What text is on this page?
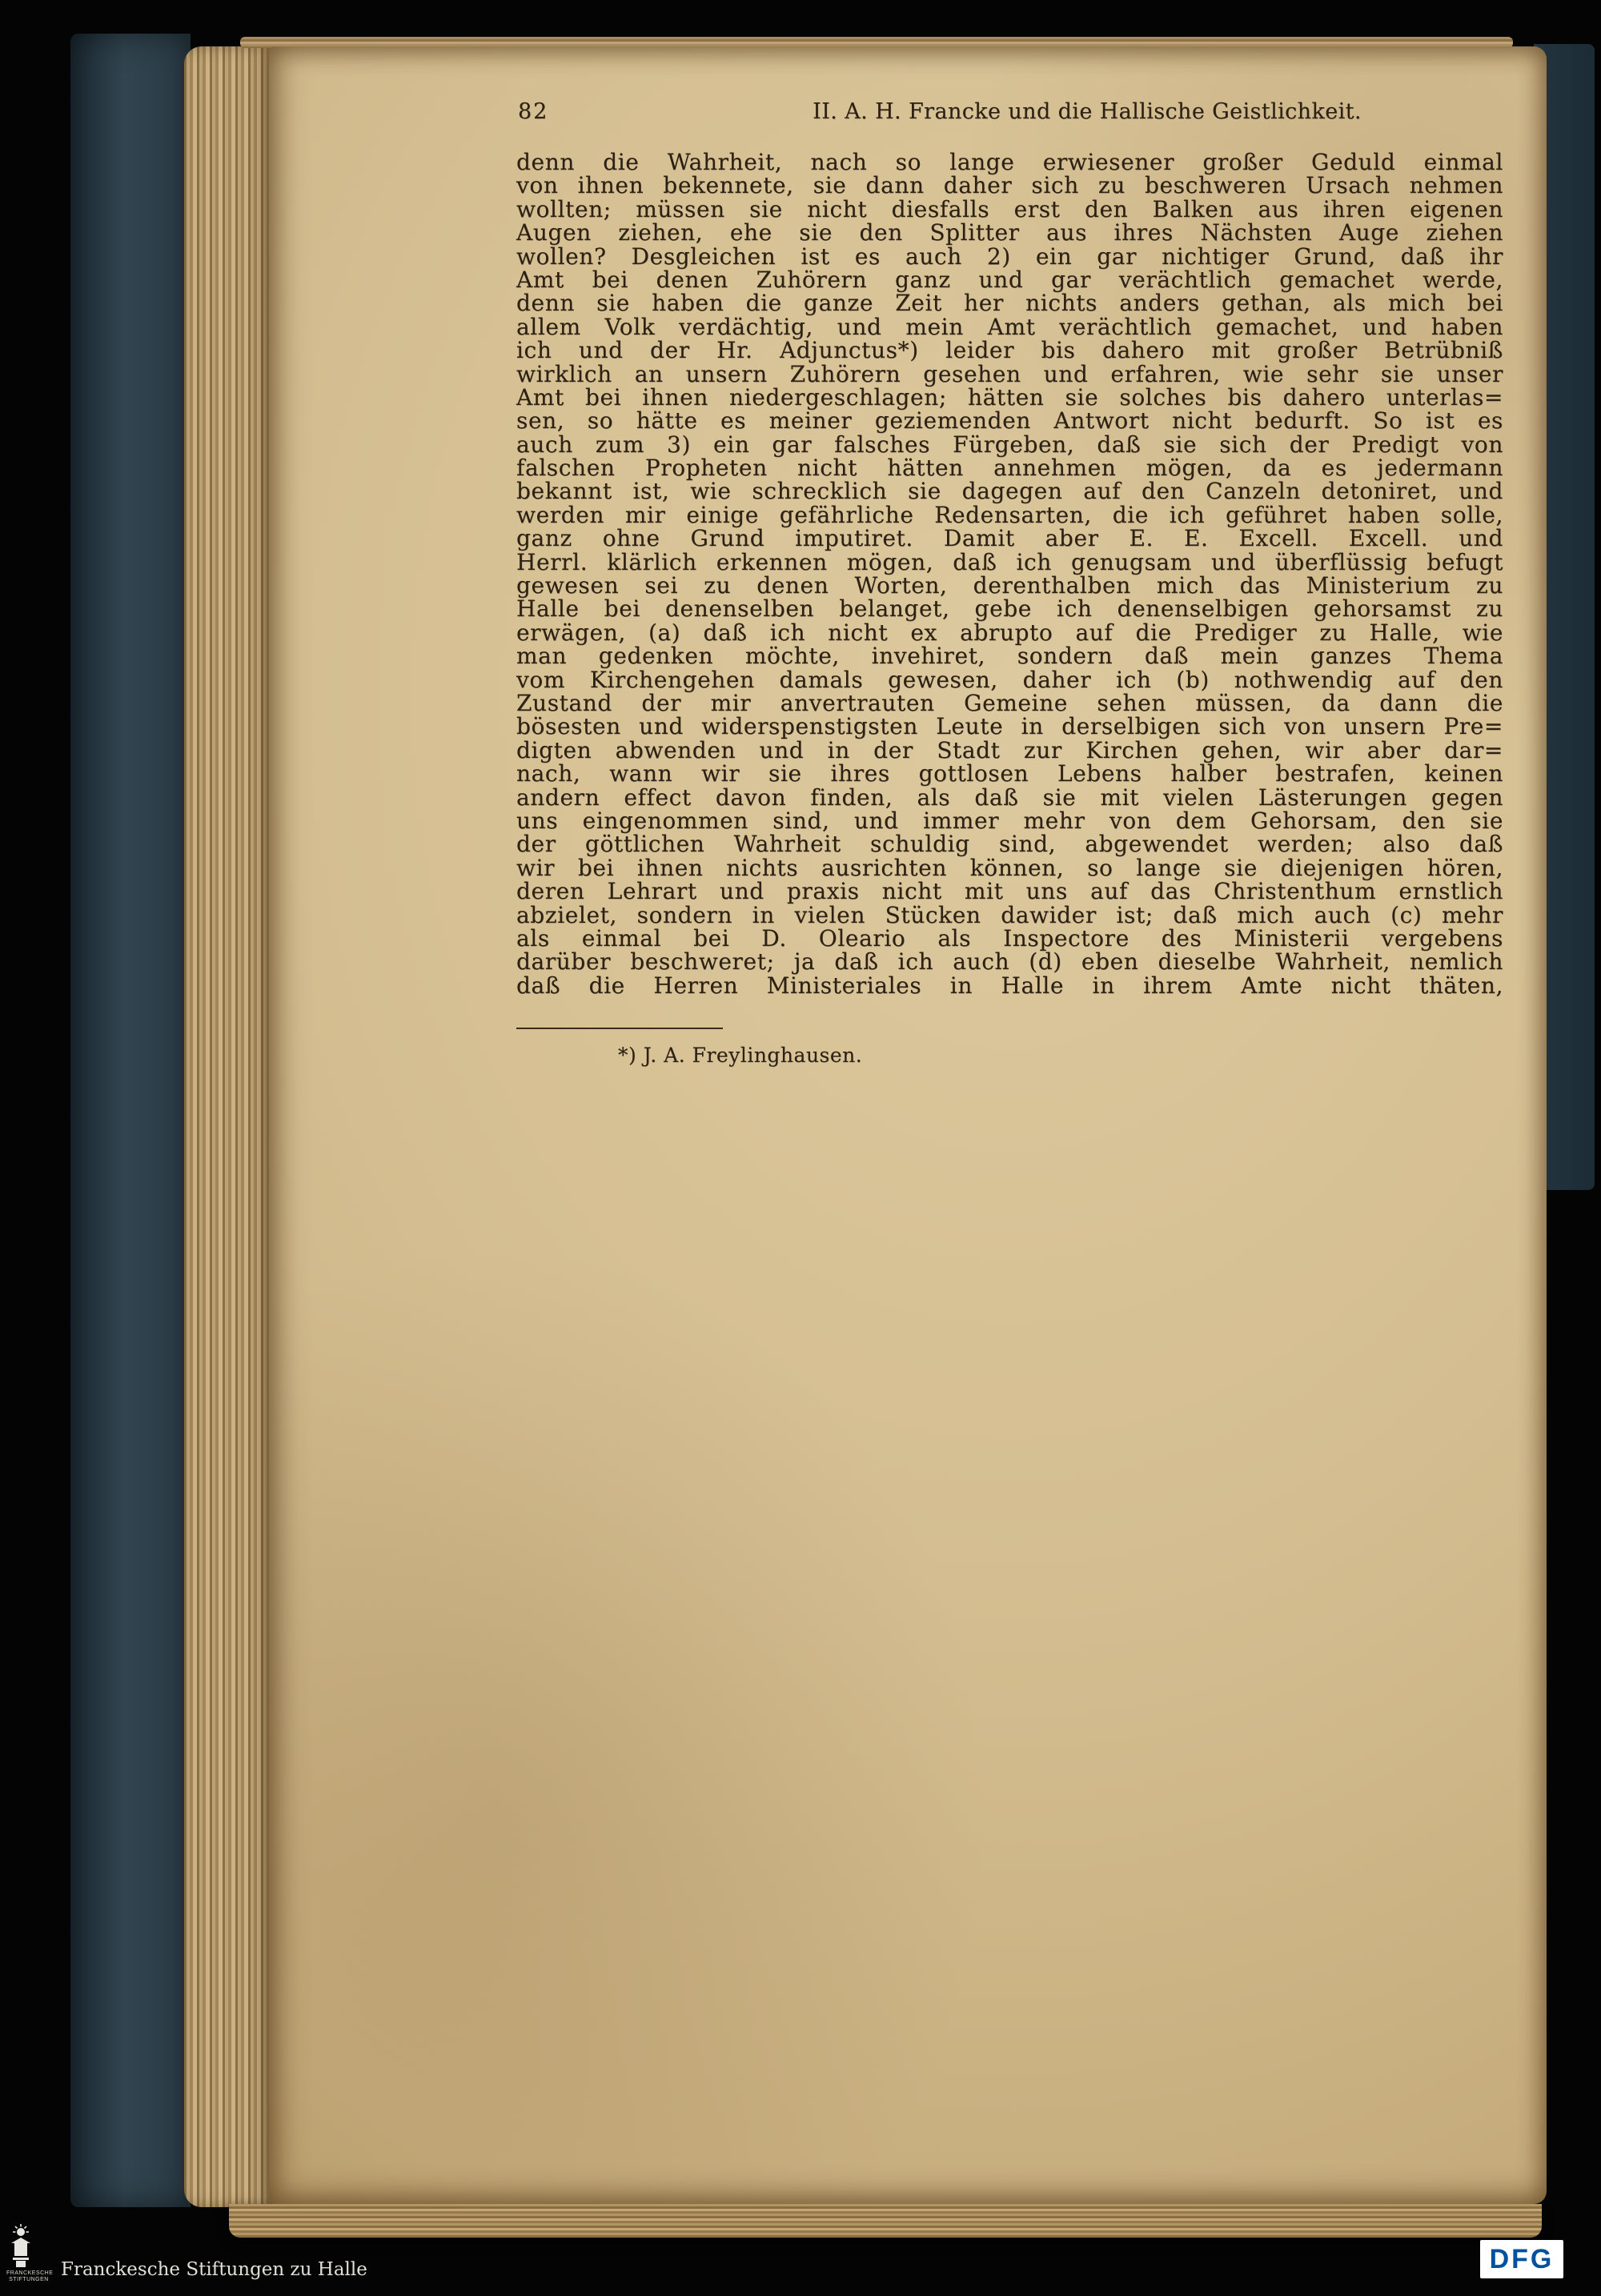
82	II. A. H. Francke und die Hallische Geistlichkeit.
denn die Wahrheit, nach so lange erwiesener großer Geduld einmal
von ihnen bekennete, sie dann daher sich zu beschweren Ursach nehmen
wollten; müssen sie nicht diesfalls erst den Balken aus ihren eigenen
Augen ziehen, ehe sie den Splitter aus ihres Nächsten Auge ziehen
wollen? Desgleichen ist es auch 2) ein gar nichtiger Grund, daß ihr
Amt bei denen Zuhörern ganz und gar verächtlich gemachet werde,
denn sie haben die ganze Zeit her nichts anders gethan, als mich bei
allem Volk verdächtig, und mein Amt verächtlich gemachet, und haben
ich und der Hr. Adjunctus*) leider bis dahero mit großer Betrübniß
wirklich an unsern Zuhörern gesehen und erfahren, wie sehr sie unser
Amt bei ihnen niedergeschlagen; hätten sie solches bis dahero unterlas=
sen, so hätte es meiner geziemenden Antwort nicht bedurft. So ist es
auch zum 3) ein gar falsches Fürgeben, daß sie sich der Predigt von
falschen Propheten nicht hätten annehmen mögen, da es jedermann
bekannt ist, wie schrecklich sie dagegen auf den Canzeln detoniret, und
werden mir einige gefährliche Redensarten, die ich geführet haben solle,
ganz ohne Grund imputiret. Damit aber E. E. Excell. Excell. und
Herrl. klärlich erkennen mögen, daß ich genugsam und überflüssig befugt
gewesen sei zu denen Worten, derenthalben mich das Ministerium zu
Halle bei denenselben belanget, gebe ich denenselbigen gehorsamst zu
erwägen, (a) daß ich nicht ex abrupto auf die Prediger zu Halle, wie
man gedenken möchte, invehiret, sondern daß mein ganzes Thema
vom Kirchengehen damals gewesen, daher ich (b) nothwendig auf den
Zustand der mir anvertrauten Gemeine sehen müssen, da dann die
bösesten und widerspenstigsten Leute in derselbigen sich von unsern Pre=
digten abwenden und in der Stadt zur Kirchen gehen, wir aber dar=
nach, wann wir sie ihres gottlosen Lebens halber bestrafen, keinen
andern effect davon finden, als daß sie mit vielen Lästerungen gegen
uns eingenommen sind, und immer mehr von dem Gehorsam, den sie
der göttlichen Wahrheit schuldig sind, abgewendet werden; also daß
wir bei ihnen nichts ausrichten können, so lange sie diejenigen hören,
deren Lehrart und praxis nicht mit uns auf das Christenthum ernstlich
abzielet, sondern in vielen Stücken dawider ist; daß mich auch (c) mehr
als einmal bei D. Oleario als Inspectore des Ministerii vergebens
darüber beschweret; ja daß ich auch (d) eben dieselbe Wahrheit, nemlich
daß die Herren Ministeriales in Halle in ihrem Amte nicht thäten,
*) J. A. Freylinghausen.
FRANCKESCHE STIFTUNGEN Franckesche Stiftungen zu Halle	DFG
